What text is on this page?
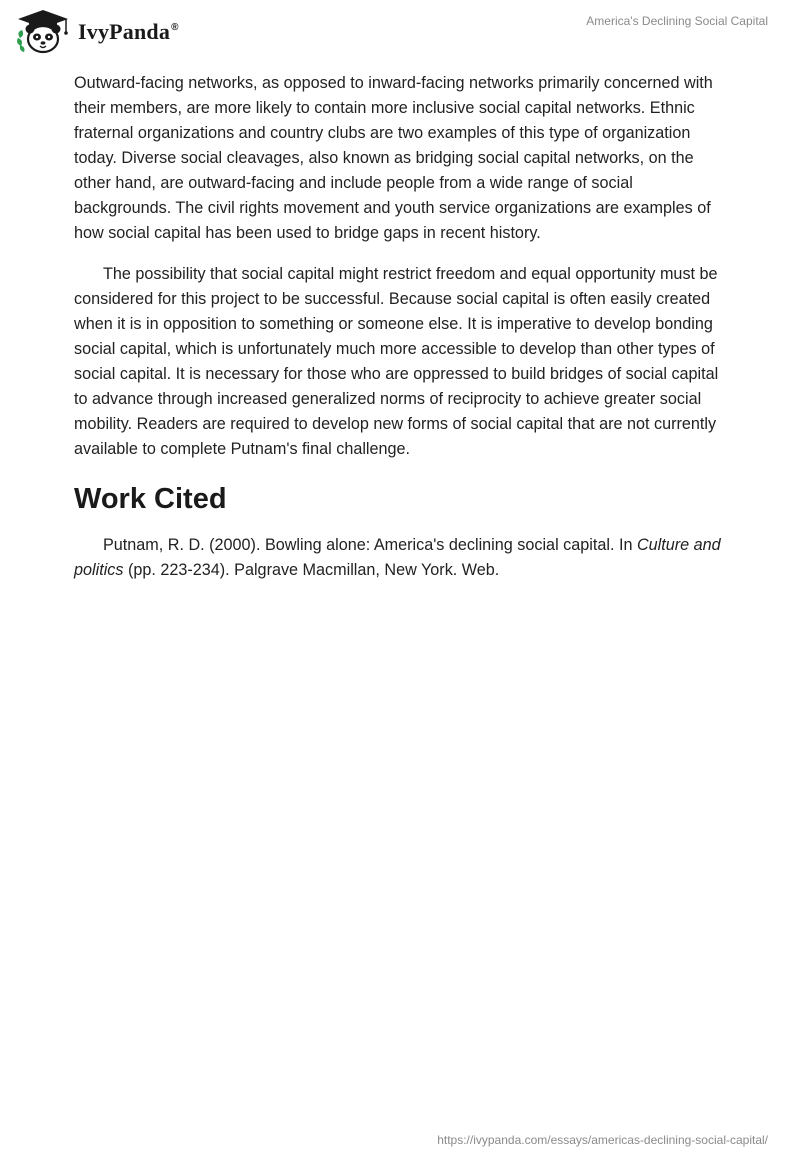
IvyPanda®	America's Declining Social Capital

Outward-facing networks, as opposed to inward-facing networks primarily concerned with their members, are more likely to contain more inclusive social capital networks. Ethnic fraternal organizations and country clubs are two examples of this type of organization today. Diverse social cleavages, also known as bridging social capital networks, on the other hand, are outward-facing and include people from a wide range of social backgrounds. The civil rights movement and youth service organizations are examples of how social capital has been used to bridge gaps in recent history.

The possibility that social capital might restrict freedom and equal opportunity must be considered for this project to be successful. Because social capital is often easily created when it is in opposition to something or someone else. It is imperative to develop bonding social capital, which is unfortunately much more accessible to develop than other types of social capital. It is necessary for those who are oppressed to build bridges of social capital to advance through increased generalized norms of reciprocity to achieve greater social mobility. Readers are required to develop new forms of social capital that are not currently available to complete Putnam's final challenge.

Work Cited

Putnam, R. D. (2000). Bowling alone: America's declining social capital. In Culture and politics (pp. 223-234). Palgrave Macmillan, New York. Web.

https://ivypanda.com/essays/americas-declining-social-capital/
